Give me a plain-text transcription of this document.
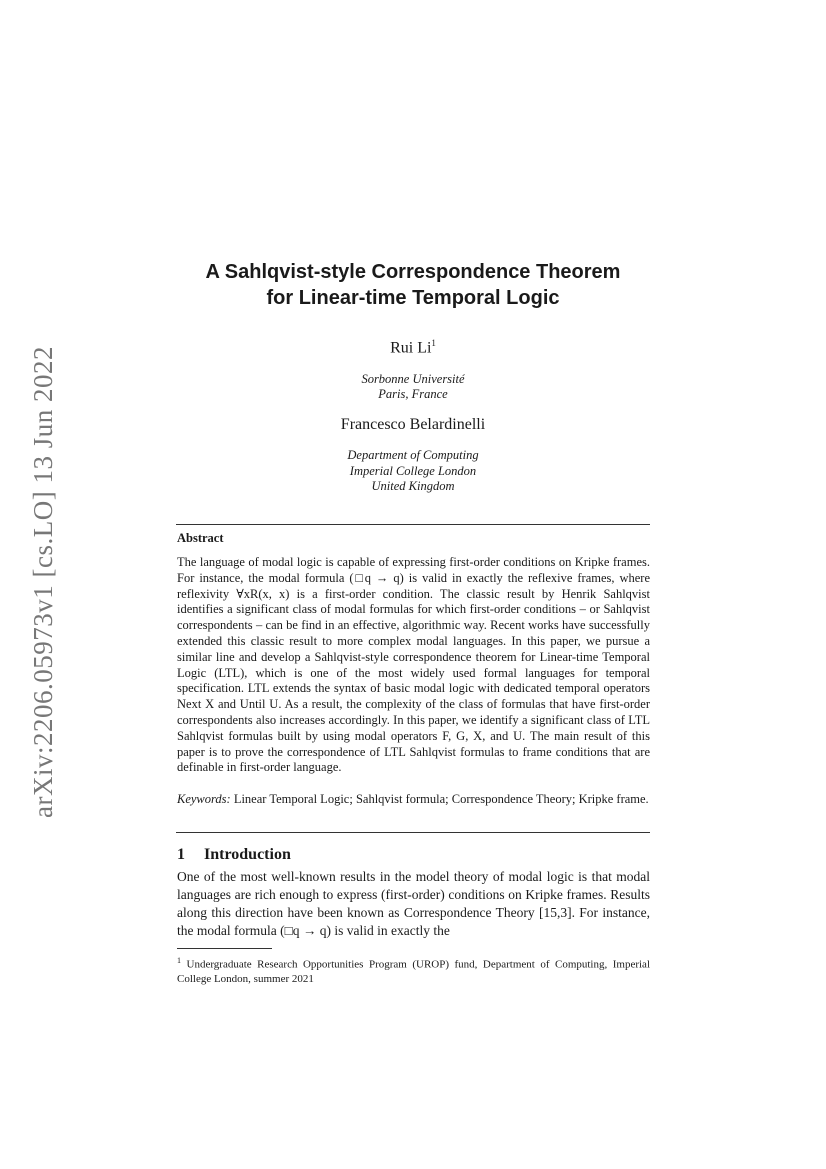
arXiv:2206.05973v1 [cs.LO] 13 Jun 2022
A Sahlqvist-style Correspondence Theorem
for Linear-time Temporal Logic
Rui Li$^1$
Sorbonne Université
Paris, France
Francesco Belardinelli
Department of Computing
Imperial College London
United Kingdom
Abstract
The language of modal logic is capable of expressing first-order conditions on Kripke frames. For instance, the modal formula (□q → q) is valid in exactly the reflexive frames, where reflexivity ∀xR(x, x) is a first-order condition. The classic result by Henrik Sahlqvist identifies a significant class of modal formulas for which first-order conditions – or Sahlqvist correspondents – can be find in an effective, algorithmic way. Recent works have successfully extended this classic result to more complex modal languages. In this paper, we pursue a similar line and develop a Sahlqvist-style correspondence theorem for Linear-time Temporal Logic (LTL), which is one of the most widely used formal languages for temporal specification. LTL extends the syntax of basic modal logic with dedicated temporal operators Next X and Until U. As a result, the complexity of the class of formulas that have first-order correspondents also increases accordingly. In this paper, we identify a significant class of LTL Sahlqvist formulas built by using modal operators F, G, X, and U. The main result of this paper is to prove the correspondence of LTL Sahlqvist formulas to frame conditions that are definable in first-order language.
Keywords: Linear Temporal Logic; Sahlqvist formula; Correspondence Theory; Kripke frame.
1 Introduction
One of the most well-known results in the model theory of modal logic is that modal languages are rich enough to express (first-order) conditions on Kripke frames. Results along this direction have been known as Correspondence Theory [15,3]. For instance, the modal formula (□q → q) is valid in exactly the
$^1$ Undergraduate Research Opportunities Program (UROP) fund, Department of Computing, Imperial College London, summer 2021
